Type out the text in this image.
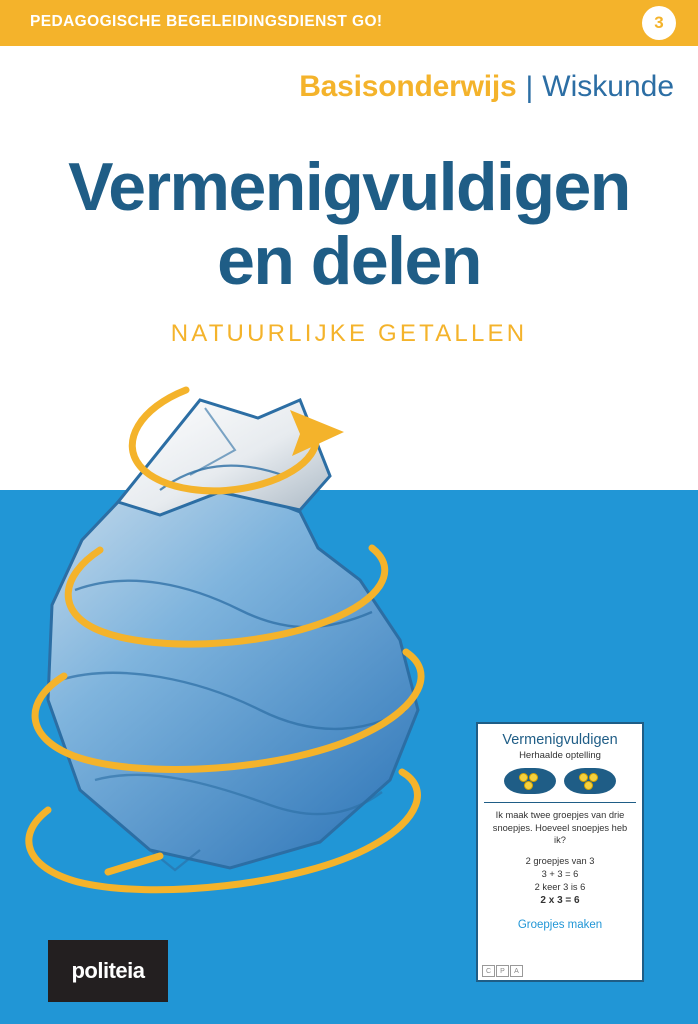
PEDAGOGISCHE BEGELEIDINGSDIENST GO!	3
Basisonderwijs | Wiskunde
Vermenigvuldigen
en delen
NATUURLIJKE GETALLEN
Vermenigvuldigen
Herhaalde optelling
Ik maak twee groepjes van drie snoepjes. Hoeveel snoepjes heb ik?
2 groepjes van 3
3 + 3 = 6
2 keer 3 is 6
2 x 3 = 6
Groepjes maken
C	P	A
politeia
